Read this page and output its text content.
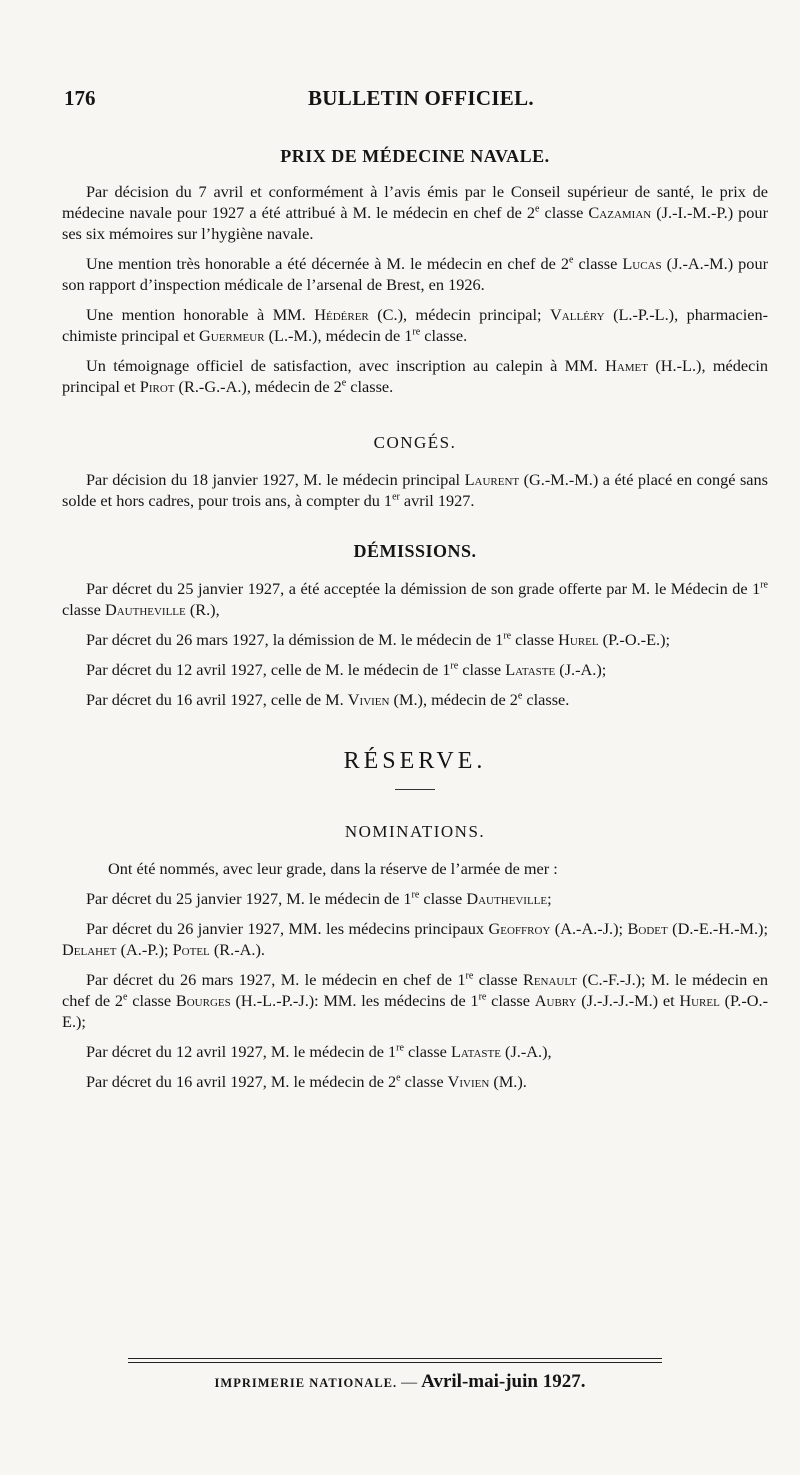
176	BULLETIN OFFICIEL.
PRIX DE MÉDECINE NAVALE.

Par décision du 7 avril et conformément à l’avis émis par le Conseil supérieur de santé, le prix de médecine navale pour 1927 a été attribué à M. le médecin en chef de 2e classe Cazamian (J.-I.-M.-P.) pour ses six mémoires sur l’hygiène navale.

Une mention très honorable a été décernée à M. le médecin en chef de 2e classe Lucas (J.-A.-M.) pour son rapport d’inspection médicale de l’arsenal de Brest, en 1926.

Une mention honorable à MM. Hédérer (C.), médecin principal; Valléry (L.-P.-L.), pharmacien-chimiste principal et Guermeur (L.-M.), médecin de 1re classe.

Un témoignage officiel de satisfaction, avec inscription au calepin à MM. Hamet (H.-L.), médecin principal et Pirot (R.-G.-A.), médecin de 2e classe.

CONGÉS.

Par décision du 18 janvier 1927, M. le médecin principal Laurent (G.-M.-M.) a été placé en congé sans solde et hors cadres, pour trois ans, à compter du 1er avril 1927.

DÉMISSIONS.

Par décret du 25 janvier 1927, a été acceptée la démission de son grade offerte par M. le Médecin de 1re classe Dautheville (R.),

Par décret du 26 mars 1927, la démission de M. le médecin de 1re classe Hurel (P.-O.-E.);

Par décret du 12 avril 1927, celle de M. le médecin de 1re classe Lataste (J.-A.);

Par décret du 16 avril 1927, celle de M. Vivien (M.), médecin de 2e classe.

RÉSERVE.
NOMINATIONS.

Ont été nommés, avec leur grade, dans la réserve de l’armée de mer :

Par décret du 25 janvier 1927, M. le médecin de 1re classe Dautheville;

Par décret du 26 janvier 1927, MM. les médecins principaux Geoffroy (A.-A.-J.); Bodet (D.-E.-H.-M.); Delahet (A.-P.); Potel (R.-A.).

Par décret du 26 mars 1927, M. le médecin en chef de 1re classe Renault (C.-F.-J.); M. le médecin en chef de 2e classe Bourges (H.-L.-P.-J.): MM. les médecins de 1re classe Aubry (J.-J.-J.-M.) et Hurel (P.-O.-E.);

Par décret du 12 avril 1927, M. le médecin de 1re classe Lataste (J.-A.),

Par décret du 16 avril 1927, M. le médecin de 2e classe Vivien (M.).

IMPRIMERIE NATIONALE. — Avril-mai-juin 1927.
